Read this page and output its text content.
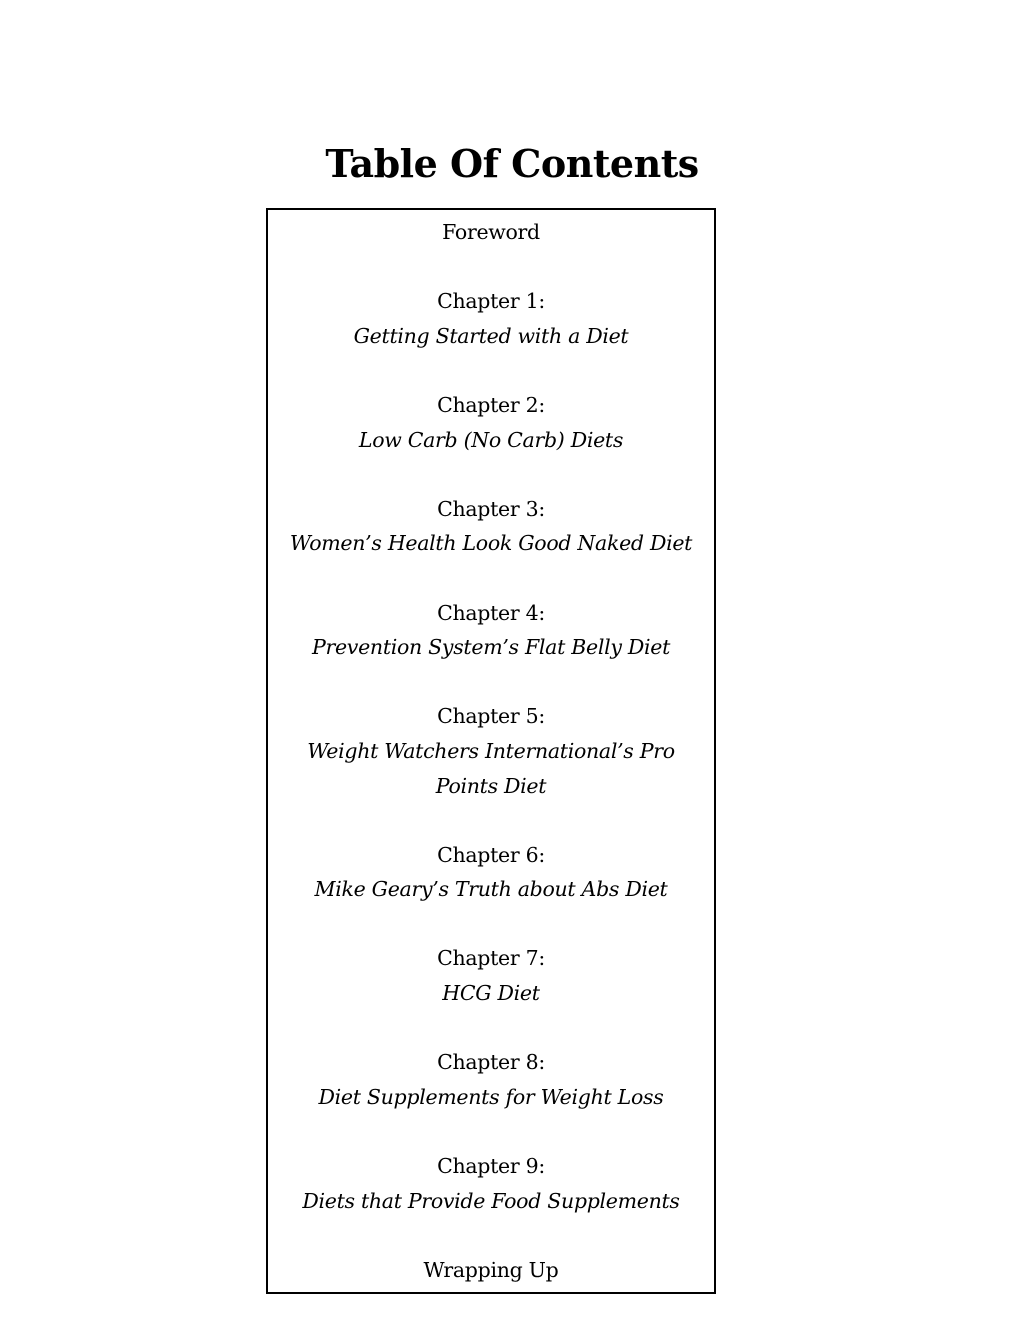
Table Of Contents
Foreword
Chapter 1:
Getting Started with a Diet
Chapter 2:
Low Carb (No Carb) Diets
Chapter 3:
Women’s Health Look Good Naked Diet
Chapter 4:
Prevention System’s Flat Belly Diet
Chapter 5:
Weight Watchers International’s Pro
Points Diet
Chapter 6:
Mike Geary’s Truth about Abs Diet
Chapter 7:
HCG Diet
Chapter 8:
Diet Supplements for Weight Loss
Chapter 9:
Diets that Provide Food Supplements
Wrapping Up
